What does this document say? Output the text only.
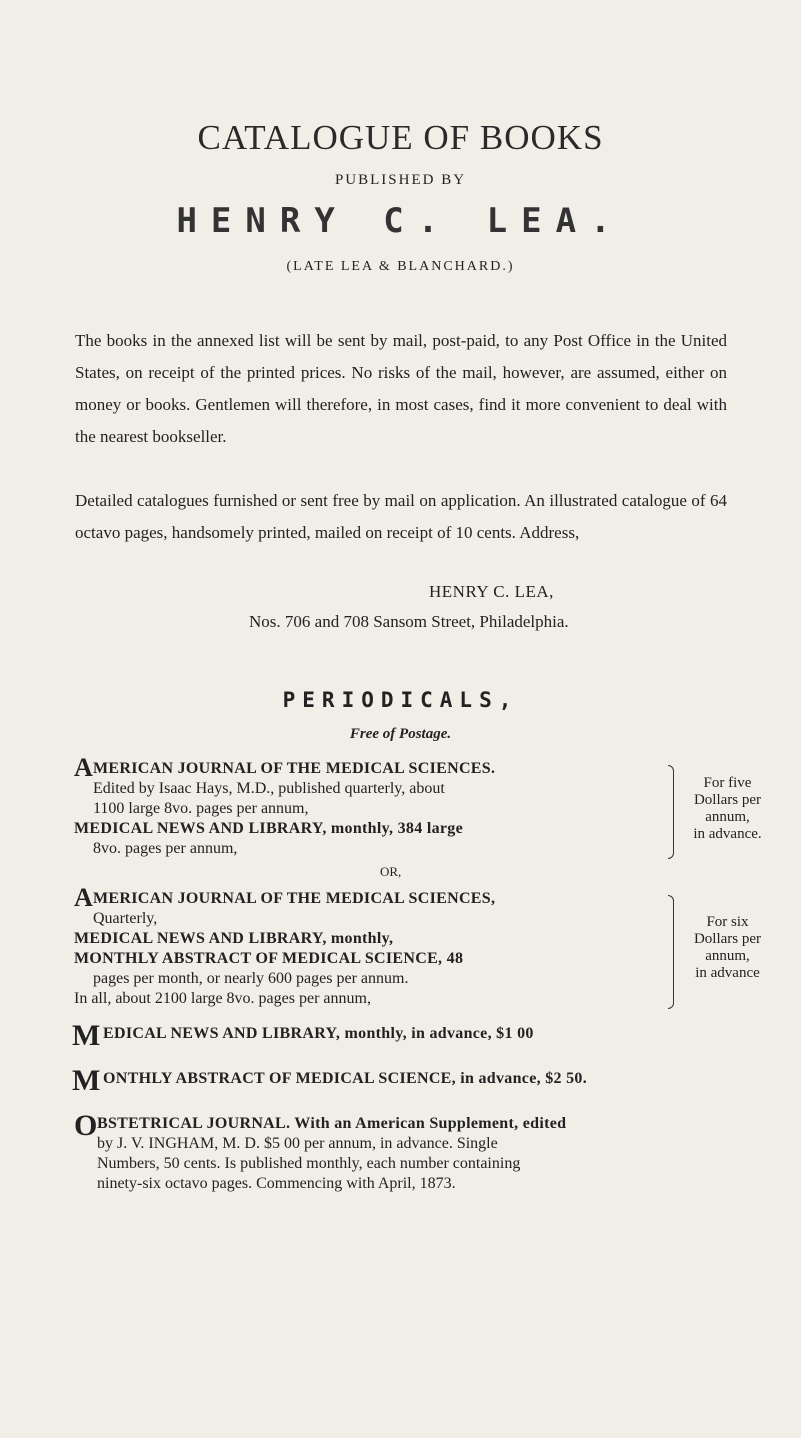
CATALOGUE OF BOOKS
PUBLISHED BY
HENRY C. LEA.
(LATE LEA & BLANCHARD.)
The books in the annexed list will be sent by mail, post-paid, to any Post Office in the United States, on receipt of the printed prices. No risks of the mail, however, are assumed, either on money or books. Gentlemen will therefore, in most cases, find it more convenient to deal with the nearest bookseller.
Detailed catalogues furnished or sent free by mail on application. An illustrated catalogue of 64 octavo pages, handsomely printed, mailed on receipt of 10 cents. Address,
HENRY C. LEA,
Nos. 706 and 708 Sansom Street, Philadelphia.
PERIODICALS,
Free of Postage.
A MERICAN JOURNAL OF THE MEDICAL SCIENCES.
Edited by Isaac Hays, M.D., published quarterly, about
1100 large 8vo. pages per annum,
MEDICAL NEWS AND LIBRARY, monthly, 384 large
8vo. pages per annum,
For five
Dollars per
annum,
in advance.
OR,
A MERICAN JOURNAL OF THE MEDICAL SCIENCES,
Quarterly,
MEDICAL NEWS AND LIBRARY, monthly,
MONTHLY ABSTRACT OF MEDICAL SCIENCE, 48
pages per month, or nearly 600 pages per annum.
In all, about 2100 large 8vo. pages per annum,
For six
Dollars per
annum,
in advance
M EDICAL NEWS AND LIBRARY, monthly, in advance, $1 00
M ONTHLY ABSTRACT OF MEDICAL SCIENCE, in advance, $2 50.
O BSTETRICAL JOURNAL. With an American Supplement, edited
by J. V. INGHAM, M. D. $5 00 per annum, in advance. Single
Numbers, 50 cents. Is published monthly, each number containing
ninety-six octavo pages. Commencing with April, 1873.
